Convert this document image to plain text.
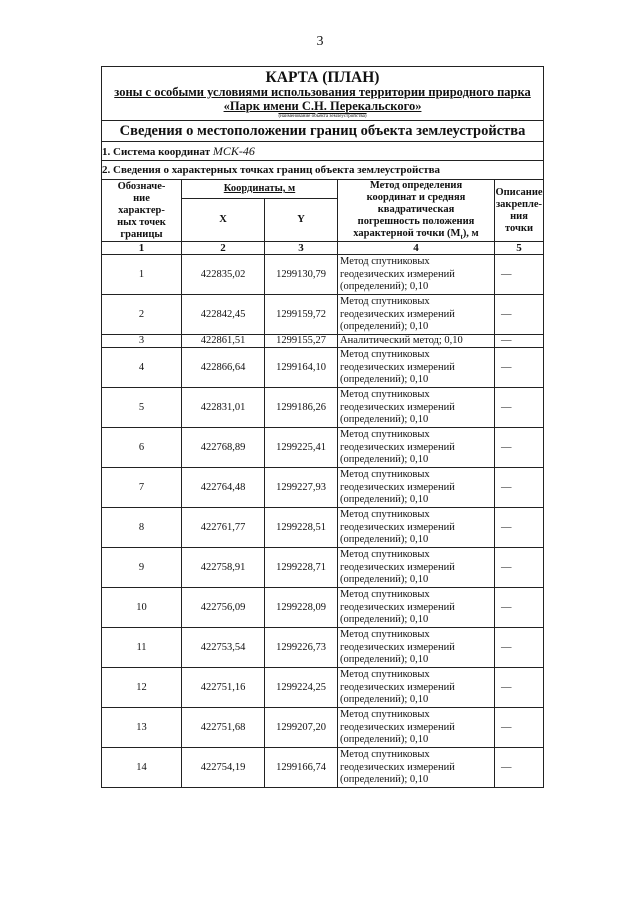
3
КАРТА (ПЛАН)
зоны с особыми условиями использования территории природного парка
«Парк имени С.Н. Перекальского»
(наименование объекта землеустройства)				

Сведения о местоположении границ объекта землеустройства				
1. Система координат МСК-46				
2. Сведения о характерных точках границ объекта землеустройства				
Обозначе-
ние
характер-
ных точек
границы	Координаты, м		Метод определения
координат и средняя
квадратическая
погрешность положения
характерной точки $(M_t)$, м	Описание
закрепле-
ния точки
	X	Y		
1	2	3	4	5
1	422835,02	1299130,79	Метод спутниковых
геодезических измерений
(определений); 0,10	—
2	422842,45	1299159,72	Метод спутниковых
геодезических измерений
(определений); 0,10	—
3	422861,51	1299155,27	Аналитический метод; 0,10	—
4	422866,64	1299164,10	Метод спутниковых
геодезических измерений
(определений); 0,10	—
5	422831,01	1299186,26	Метод спутниковых
геодезических измерений
(определений); 0,10	—
6	422768,89	1299225,41	Метод спутниковых
геодезических измерений
(определений); 0,10	—
7	422764,48	1299227,93	Метод спутниковых
геодезических измерений
(определений); 0,10	—
8	422761,77	1299228,51	Метод спутниковых
геодезических измерений
(определений); 0,10	—
9	422758,91	1299228,71	Метод спутниковых
геодезических измерений
(определений); 0,10	—
10	422756,09	1299228,09	Метод спутниковых
геодезических измерений
(определений); 0,10	—
11	422753,54	1299226,73	Метод спутниковых
геодезических измерений
(определений); 0,10	—
12	422751,16	1299224,25	Метод спутниковых
геодезических измерений
(определений); 0,10	—
13	422751,68	1299207,20	Метод спутниковых
геодезических измерений
(определений); 0,10	—
14	422754,19	1299166,74	Метод спутниковых
геодезических измерений
(определений); 0,10	—
